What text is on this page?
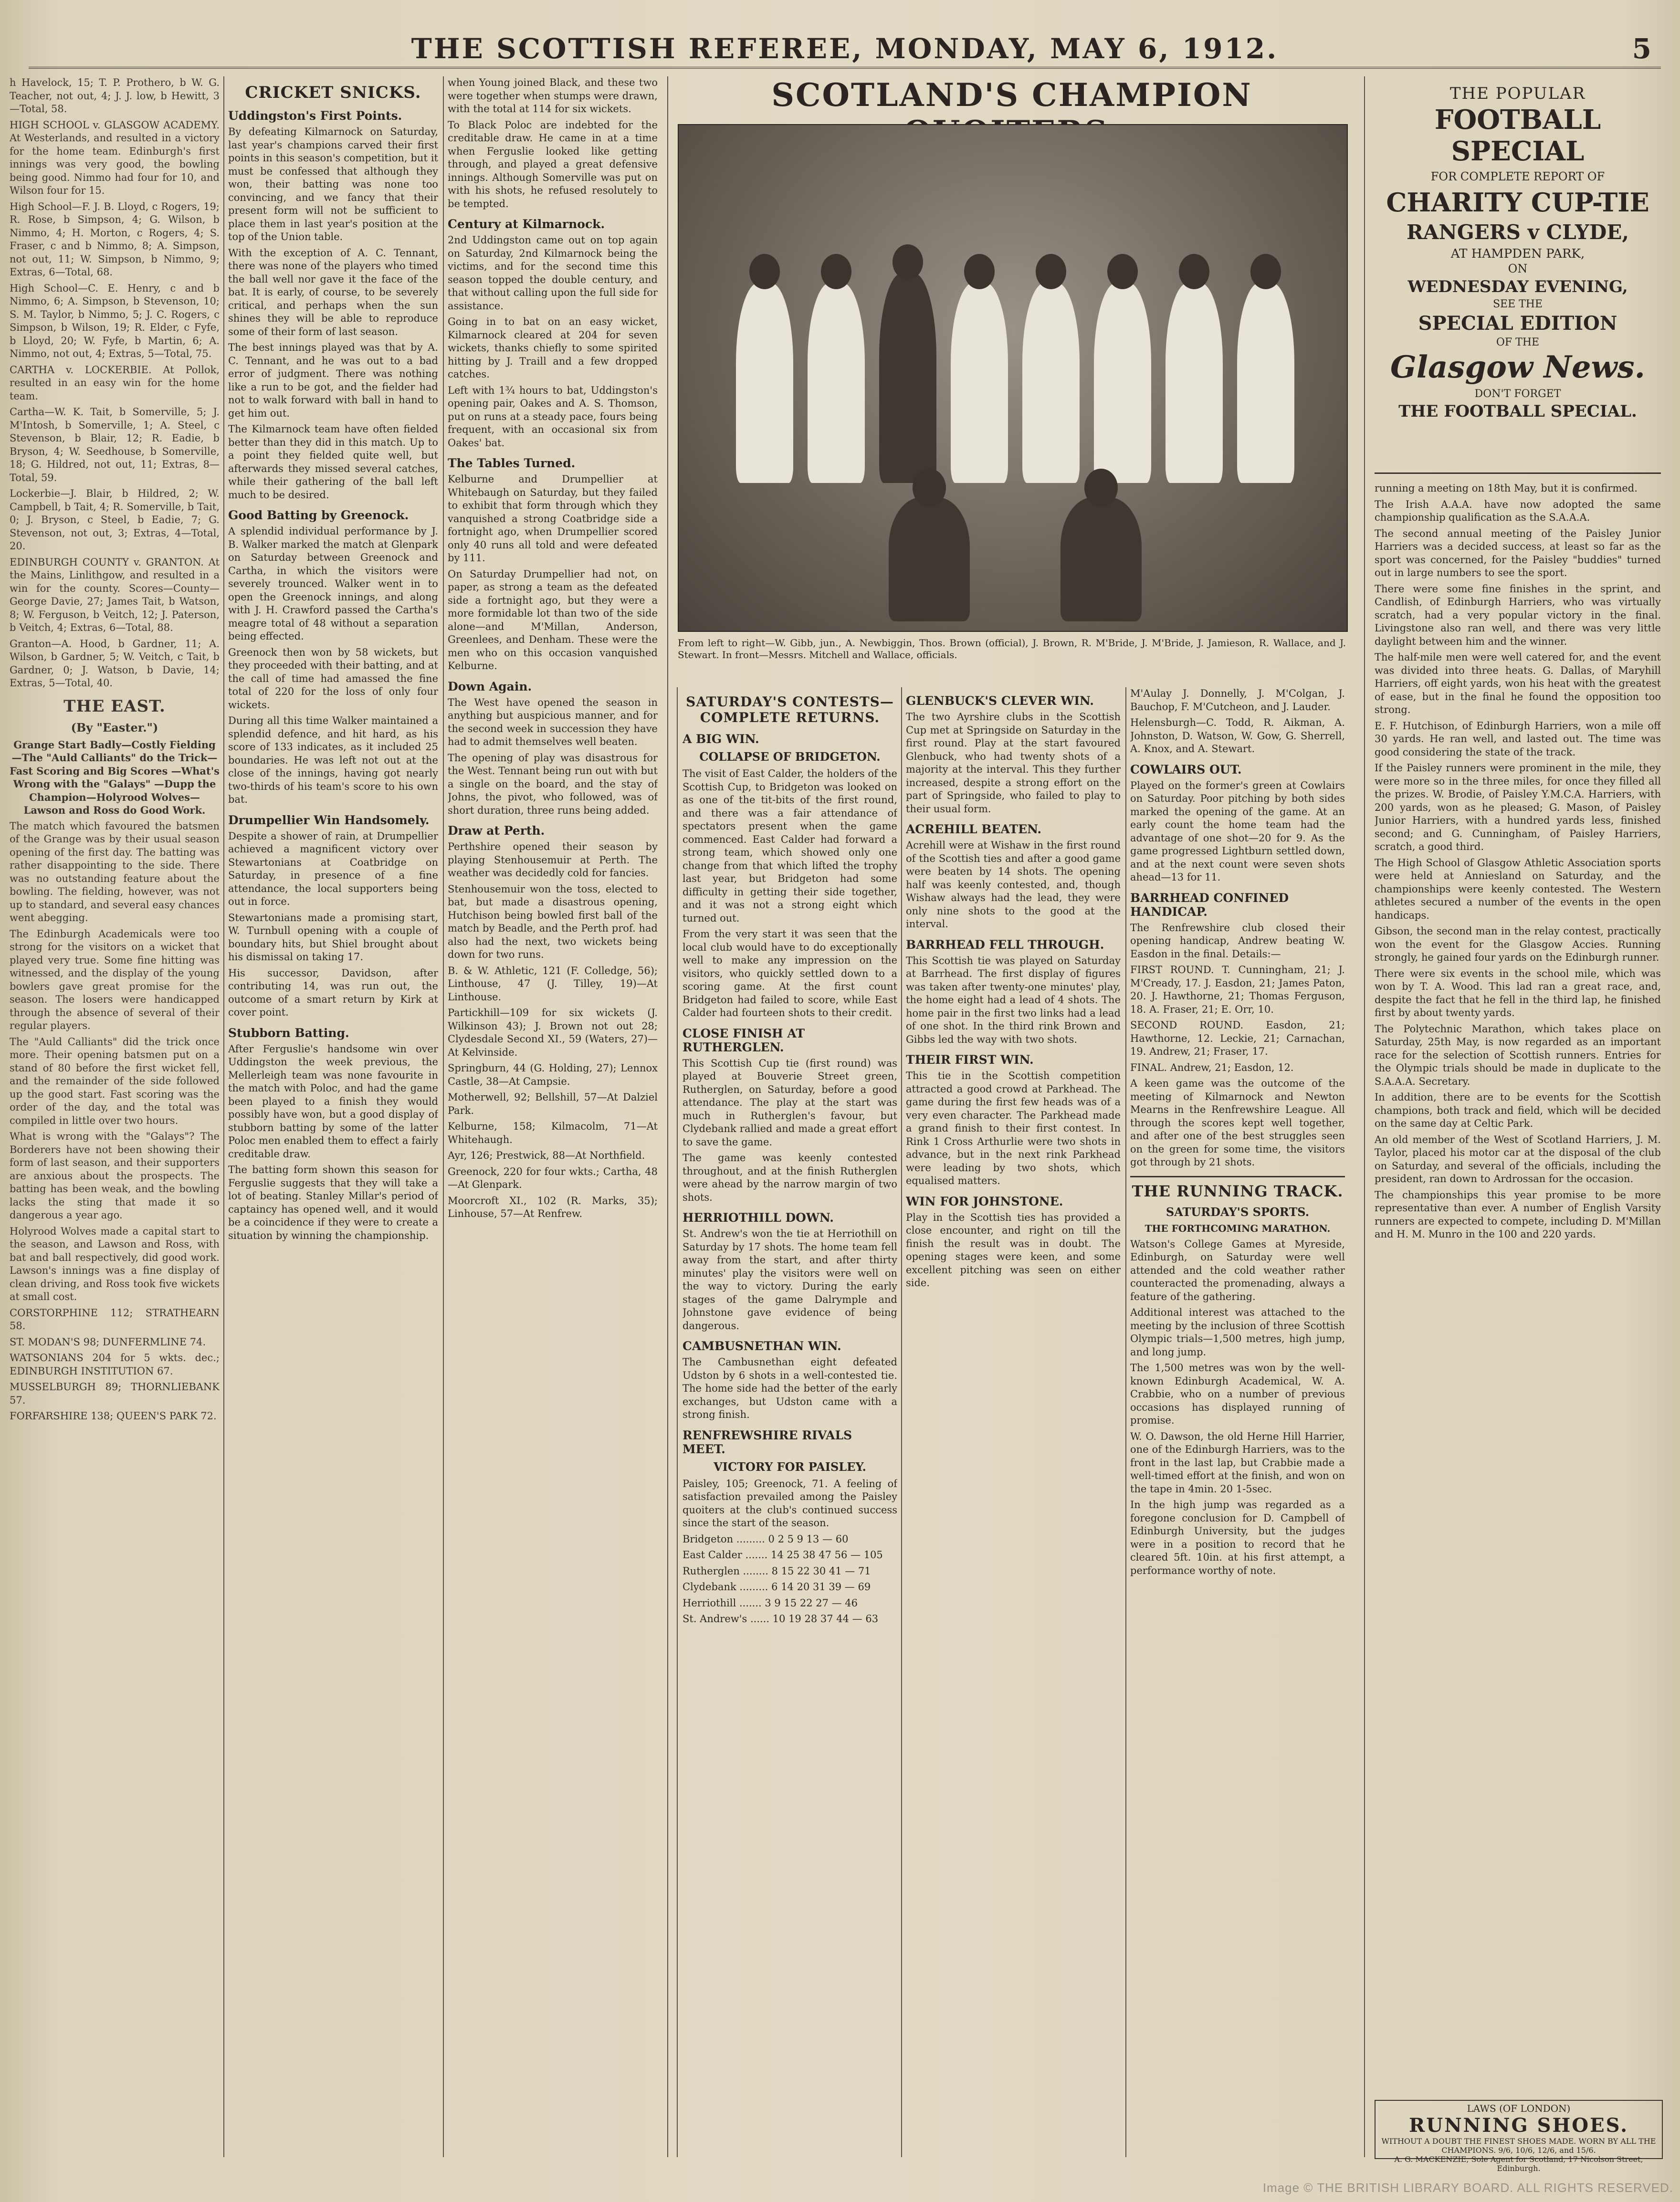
THE SCOTTISH REFEREE, MONDAY, MAY 6, 1912.	5

h Havelock, 15; T. P. Prothero, b W. G. Teacher, not out, 4; J. J. low, b Hewitt, 3—Total, 58.

HIGH SCHOOL v. GLASGOW ACADEMY. At Westerlands, and resulted in a victory for the home team. Edinburgh's first innings was very good, the bowling being good. Nimmo had four for 10, and Wilson four for 15.

High School—F. J. B. Lloyd, c Rogers, 19; R. Rose, b Simpson, 4; G. Wilson, b Nimmo, 4; H. Morton, c Rogers, 4; S. Fraser, c and b Nimmo, 8; A. Simpson, not out, 11; W. Simpson, b Nimmo, 9; Extras, 6—Total, 68.

High School—C. E. Henry, c and b Nimmo, 6; A. Simpson, b Stevenson, 10; S. M. Taylor, b Nimmo, 5; J. C. Rogers, c Simpson, b Wilson, 19; R. Elder, c Fyfe, b Lloyd, 20; W. Fyfe, b Martin, 6; A. Nimmo, not out, 4; Extras, 5—Total, 75.

CARTHA v. LOCKERBIE. At Pollok, resulted in an easy win for the home team.

Cartha—W. K. Tait, b Somerville, 5; J. M'Intosh, b Somerville, 1; A. Steel, c Stevenson, b Blair, 12; R. Eadie, b Bryson, 4; W. Seedhouse, b Somerville, 18; G. Hildred, not out, 11; Extras, 8—Total, 59.

Lockerbie—J. Blair, b Hildred, 2; W. Campbell, b Tait, 4; R. Somerville, b Tait, 0; J. Bryson, c Steel, b Eadie, 7; G. Stevenson, not out, 3; Extras, 4—Total, 20.

EDINBURGH COUNTY v. GRANTON. At the Mains, Linlithgow, and resulted in a win for the county. Scores—County—George Davie, 27; James Tait, b Watson, 8; W. Ferguson, b Veitch, 12; J. Paterson, b Veitch, 4; Extras, 6—Total, 88.

Granton—A. Hood, b Gardner, 11; A. Wilson, b Gardner, 5; W. Veitch, c Tait, b Gardner, 0; J. Watson, b Davie, 14; Extras, 5—Total, 40.

THE EAST.
(By "Easter.")

Grange Start Badly—Costly Fielding—The "Auld Calliants" do the Trick—Fast Scoring and Big Scores —What's Wrong with the "Galays" —Dupp the Champion—Holyrood Wolves—Lawson and Ross do Good Work.

The match which favoured the batsmen of the Grange was by their usual season opening of the first day. The batting was rather disappointing to the side. There was no outstanding feature about the bowling. The fielding, however, was not up to standard, and several easy chances went abegging.

The Edinburgh Academicals were too strong for the visitors on a wicket that played very true. Some fine hitting was witnessed, and the display of the young bowlers gave great promise for the season. The losers were handicapped through the absence of several of their regular players.

The "Auld Calliants" did the trick once more. Their opening batsmen put on a stand of 80 before the first wicket fell, and the remainder of the side followed up the good start. Fast scoring was the order of the day, and the total was compiled in little over two hours.

What is wrong with the "Galays"? The Borderers have not been showing their form of last season, and their supporters are anxious about the prospects. The batting has been weak, and the bowling lacks the sting that made it so dangerous a year ago.

Holyrood Wolves made a capital start to the season, and Lawson and Ross, with bat and ball respectively, did good work. Lawson's innings was a fine display of clean driving, and Ross took five wickets at small cost.

CORSTORPHINE 112; STRATHEARN 58.

ST. MODAN'S 98; DUNFERMLINE 74.

WATSONIANS 204 for 5 wkts. dec.; EDINBURGH INSTITUTION 67.

MUSSELBURGH 89; THORNLIEBANK 57.

FORFARSHIRE 138; QUEEN'S PARK 72.

CRICKET SNICKS.
Uddingston's First Points.

By defeating Kilmarnock on Saturday, last year's champions carved their first points in this season's competition, but it must be confessed that although they won, their batting was none too convincing, and we fancy that their present form will not be sufficient to place them in last year's position at the top of the Union table.

With the exception of A. C. Tennant, there was none of the players who timed the ball well nor gave it the face of the bat. It is early, of course, to be severely critical, and perhaps when the sun shines they will be able to reproduce some of their form of last season.

The best innings played was that by A. C. Tennant, and he was out to a bad error of judgment. There was nothing like a run to be got, and the fielder had not to walk forward with ball in hand to get him out.

The Kilmarnock team have often fielded better than they did in this match. Up to a point they fielded quite well, but afterwards they missed several catches, while their gathering of the ball left much to be desired.

Good Batting by Greenock.

A splendid individual performance by J. B. Walker marked the match at Glenpark on Saturday between Greenock and Cartha, in which the visitors were severely trounced. Walker went in to open the Greenock innings, and along with J. H. Crawford passed the Cartha's meagre total of 48 without a separation being effected.

Greenock then won by 58 wickets, but they proceeded with their batting, and at the call of time had amassed the fine total of 220 for the loss of only four wickets.

During all this time Walker maintained a splendid defence, and hit hard, as his score of 133 indicates, as it included 25 boundaries. He was left not out at the close of the innings, having got nearly two-thirds of his team's score to his own bat.

Drumpellier Win Handsomely.

Despite a shower of rain, at Drumpellier achieved a magnificent victory over Stewartonians at Coatbridge on Saturday, in presence of a fine attendance, the local supporters being out in force.

Stewartonians made a promising start, W. Turnbull opening with a couple of boundary hits, but Shiel brought about his dismissal on taking 17.

His successor, Davidson, after contributing 14, was run out, the outcome of a smart return by Kirk at cover point.

Stubborn Batting.

After Ferguslie's handsome win over Uddingston the week previous, the Mellerleigh team was none favourite in the match with Poloc, and had the game been played to a finish they would possibly have won, but a good display of stubborn batting by some of the latter Poloc men enabled them to effect a fairly creditable draw.

The batting form shown this season for Ferguslie suggests that they will take a lot of beating. Stanley Millar's period of captaincy has opened well, and it would be a coincidence if they were to create a situation by winning the championship.

when Young joined Black, and these two were together when stumps were drawn, with the total at 114 for six wickets.

To Black Poloc are indebted for the creditable draw. He came in at a time when Ferguslie looked like getting through, and played a great defensive innings. Although Somerville was put on with his shots, he refused resolutely to be tempted.

Century at Kilmarnock.

2nd Uddingston came out on top again on Saturday, 2nd Kilmarnock being the victims, and for the second time this season topped the double century, and that without calling upon the full side for assistance.

Going in to bat on an easy wicket, Kilmarnock cleared at 204 for seven wickets, thanks chiefly to some spirited hitting by J. Traill and a few dropped catches.

Left with 1¾ hours to bat, Uddingston's opening pair, Oakes and A. S. Thomson, put on runs at a steady pace, fours being frequent, with an occasional six from Oakes' bat.

The Tables Turned.

Kelburne and Drumpellier at Whitebaugh on Saturday, but they failed to exhibit that form through which they vanquished a strong Coatbridge side a fortnight ago, when Drumpellier scored only 40 runs all told and were defeated by 111.

On Saturday Drumpellier had not, on paper, as strong a team as the defeated side a fortnight ago, but they were a more formidable lot than two of the side alone—and M'Millan, Anderson, Greenlees, and Denham. These were the men who on this occasion vanquished Kelburne.

Down Again.

The West have opened the season in anything but auspicious manner, and for the second week in succession they have had to admit themselves well beaten.

The opening of play was disastrous for the West. Tennant being run out with but a single on the board, and the stay of Johns, the pivot, who followed, was of short duration, three runs being added.

Draw at Perth.

Perthshire opened their season by playing Stenhousemuir at Perth. The weather was decidedly cold for fancies.

Stenhousemuir won the toss, elected to bat, but made a disastrous opening, Hutchison being bowled first ball of the match by Beadle, and the Perth prof. had also had the next, two wickets being down for two runs.

B. & W. Athletic, 121 (F. Colledge, 56); Linthouse, 47 (J. Tilley, 19)—At Linthouse.

Partickhill—109 for six wickets (J. Wilkinson 43); J. Brown not out 28; Clydesdale Second XI., 59 (Waters, 27)—At Kelvinside.

Springburn, 44 (G. Holding, 27); Lennox Castle, 38—At Campsie.

Motherwell, 92; Bellshill, 57—At Dalziel Park.

Kelburne, 158; Kilmacolm, 71—At Whitehaugh.

Ayr, 126; Prestwick, 88—At Northfield.

Greenock, 220 for four wkts.; Cartha, 48—At Glenpark.

Moorcroft XI., 102 (R. Marks, 35); Linhouse, 57—At Renfrew.

SCOTLAND'S CHAMPION
From left to right—W. Gibb, jun., A. Newbiggin, Thos. Brown (official), J. Brown, R. M'Bride, J. M'Bride, J. Jamieson, R. Wallace, and J. Stewart. In front—Messrs. Mitchell and Wallace, officials.
SATURDAY'S CONTESTS—COMPLETE RETURNS.
A BIG WIN.
COLLAPSE OF BRIDGETON.

The visit of East Calder, the holders of the Scottish Cup, to Bridgeton was looked on as one of the tit-bits of the first round, and there was a fair attendance of spectators present when the game commenced. East Calder had forward a strong team, which showed only one change from that which lifted the trophy last year, but Bridgeton had some difficulty in getting their side together, and it was not a strong eight which turned out.

From the very start it was seen that the local club would have to do exceptionally well to make any impression on the visitors, who quickly settled down to a scoring game. At the first count Bridgeton had failed to score, while East Calder had fourteen shots to their credit.

CLOSE FINISH AT RUTHERGLEN.

This Scottish Cup tie (first round) was played at Bouverie Street green, Rutherglen, on Saturday, before a good attendance. The play at the start was much in Rutherglen's favour, but Clydebank rallied and made a great effort to save the game.

The game was keenly contested throughout, and at the finish Rutherglen were ahead by the narrow margin of two shots.

HERRIOTHILL DOWN.

St. Andrew's won the tie at Herriothill on Saturday by 17 shots. The home team fell away from the start, and after thirty minutes' play the visitors were well on the way to victory. During the early stages of the game Dalrymple and Johnstone gave evidence of being dangerous.

CAMBUSNETHAN WIN.

The Cambusnethan eight defeated Udston by 6 shots in a well-contested tie. The home side had the better of the early exchanges, but Udston came with a strong finish.

RENFREWSHIRE RIVALS MEET.
VICTORY FOR PAISLEY.

Paisley, 105; Greenock, 71. A feeling of satisfaction prevailed among the Paisley quoiters at the club's continued success since the start of the season.

Bridgeton ......... 0 2 5 9 13 — 60

East Calder ....... 14 25 38 47 56 — 105

Rutherglen ........ 8 15 22 30 41 — 71

Clydebank ......... 6 14 20 31 39 — 69

Herriothill ....... 3 9 15 22 27 — 46

St. Andrew's ...... 10 19 28 37 44 — 63

GLENBUCK'S CLEVER WIN.

The two Ayrshire clubs in the Scottish Cup met at Springside on Saturday in the first round. Play at the start favoured Glenbuck, who had twenty shots of a majority at the interval. This they further increased, despite a strong effort on the part of Springside, who failed to play to their usual form.

ACREHILL BEATEN.

Acrehill were at Wishaw in the first round of the Scottish ties and after a good game were beaten by 14 shots. The opening half was keenly contested, and, though Wishaw always had the lead, they were only nine shots to the good at the interval.

BARRHEAD FELL THROUGH.

This Scottish tie was played on Saturday at Barrhead. The first display of figures was taken after twenty-one minutes' play, the home eight had a lead of 4 shots. The home pair in the first two links had a lead of one shot. In the third rink Brown and Gibbs led the way with two shots.

THEIR FIRST WIN.

This tie in the Scottish competition attracted a good crowd at Parkhead. The game during the first few heads was of a very even character. The Parkhead made a grand finish to their first contest. In Rink 1 Cross Arthurlie were two shots in advance, but in the next rink Parkhead were leading by two shots, which equalised matters.

WIN FOR JOHNSTONE.

Play in the Scottish ties has provided a close encounter, and right on till the finish the result was in doubt. The opening stages were keen, and some excellent pitching was seen on either side.

M'Aulay J. Donnelly, J. M'Colgan, J. Bauchop, F. M'Cutcheon, and J. Lauder.

Helensburgh—C. Todd, R. Aikman, A. Johnston, D. Watson, W. Gow, G. Sherrell, A. Knox, and A. Stewart.

COWLAIRS OUT.

Played on the former's green at Cowlairs on Saturday. Poor pitching by both sides marked the opening of the game. At an early count the home team had the advantage of one shot—20 for 9. As the game progressed Lightburn settled down, and at the next count were seven shots ahead—13 for 11.

BARRHEAD CONFINED HANDICAP.

The Renfrewshire club closed their opening handicap, Andrew beating W. Easdon in the final. Details:—

FIRST ROUND. T. Cunningham, 21; J. M'Cready, 17. J. Easdon, 21; James Paton, 20. J. Hawthorne, 21; Thomas Ferguson, 18. A. Fraser, 21; E. Orr, 10.

SECOND ROUND. Easdon, 21; Hawthorne, 12. Leckie, 21; Carnachan, 19. Andrew, 21; Fraser, 17.

FINAL. Andrew, 21; Easdon, 12.

A keen game was the outcome of the meeting of Kilmarnock and Newton Mearns in the Renfrewshire League. All through the scores kept well together, and after one of the best struggles seen on the green for some time, the visitors got through by 21 shots.

THE RUNNING TRACK.
SATURDAY'S SPORTS.
THE FORTHCOMING MARATHON.

Watson's College Games at Myreside, Edinburgh, on Saturday were well attended and the cold weather rather counteracted the promenading, always a feature of the gathering.

Additional interest was attached to the meeting by the inclusion of three Scottish Olympic trials—1,500 metres, high jump, and long jump.

The 1,500 metres was won by the well-known Edinburgh Academical, W. A. Crabbie, who on a number of previous occasions has displayed running of promise.

W. O. Dawson, the old Herne Hill Harrier, one of the Edinburgh Harriers, was to the front in the last lap, but Crabbie made a well-timed effort at the finish, and won on the tape in 4min. 20 1-5sec.

In the high jump was regarded as a foregone conclusion for D. Campbell of Edinburgh University, but the judges were in a position to record that he cleared 5ft. 10in. at his first attempt, a performance worthy of note.

THE POPULAR
FOOTBALL SPECIAL
FOR COMPLETE REPORT OF
CHARITY CUP-TIE
RANGERS v CLYDE,
AT HAMPDEN PARK,
ON
WEDNESDAY EVENING,
SEE THE
SPECIAL EDITION
OF THE
Glasgow News.
DON'T FORGET
THE FOOTBALL SPECIAL.

running a meeting on 18th May, but it is confirmed.

The Irish A.A.A. have now adopted the same championship qualification as the S.A.A.A.

The second annual meeting of the Paisley Junior Harriers was a decided success, at least so far as the sport was concerned, for the Paisley "buddies" turned out in large numbers to see the sport.

There were some fine finishes in the sprint, and Candlish, of Edinburgh Harriers, who was virtually scratch, had a very popular victory in the final. Livingstone also ran well, and there was very little daylight between him and the winner.

The half-mile men were well catered for, and the event was divided into three heats. G. Dallas, of Maryhill Harriers, off eight yards, won his heat with the greatest of ease, but in the final he found the opposition too strong.

E. F. Hutchison, of Edinburgh Harriers, won a mile off 30 yards. He ran well, and lasted out. The time was good considering the state of the track.

If the Paisley runners were prominent in the mile, they were more so in the three miles, for once they filled all the prizes. W. Brodie, of Paisley Y.M.C.A. Harriers, with 200 yards, won as he pleased; G. Mason, of Paisley Junior Harriers, with a hundred yards less, finished second; and G. Cunningham, of Paisley Harriers, scratch, a good third.

The High School of Glasgow Athletic Association sports were held at Anniesland on Saturday, and the championships were keenly contested. The Western athletes secured a number of the events in the open handicaps.

Gibson, the second man in the relay contest, practically won the event for the Glasgow Accies. Running strongly, he gained four yards on the Edinburgh runner.

There were six events in the school mile, which was won by T. A. Wood. This lad ran a great race, and, despite the fact that he fell in the third lap, he finished first by about twenty yards.

The Polytechnic Marathon, which takes place on Saturday, 25th May, is now regarded as an important race for the selection of Scottish runners. Entries for the Olympic trials should be made in duplicate to the S.A.A.A. Secretary.

In addition, there are to be events for the Scottish champions, both track and field, which will be decided on the same day at Celtic Park.

An old member of the West of Scotland Harriers, J. M. Taylor, placed his motor car at the disposal of the club on Saturday, and several of the officials, including the president, ran down to Ardrossan for the occasion.

The championships this year promise to be more representative than ever. A number of English Varsity runners are expected to compete, including D. M'Millan and H. M. Munro in the 100 and 220 yards.

LAWS (OF LONDON)
RUNNING SHOES.
WITHOUT A DOUBT THE FINEST SHOES MADE. WORN BY ALL THE CHAMPIONS. 9/6, 10/6, 12/6, and 15/6.
A. G. MACKENZIE, Sole Agent for Scotland, 17 Nicolson Street, Edinburgh.
Image © THE BRITISH LIBRARY BOARD. ALL RIGHTS RESERVED.
